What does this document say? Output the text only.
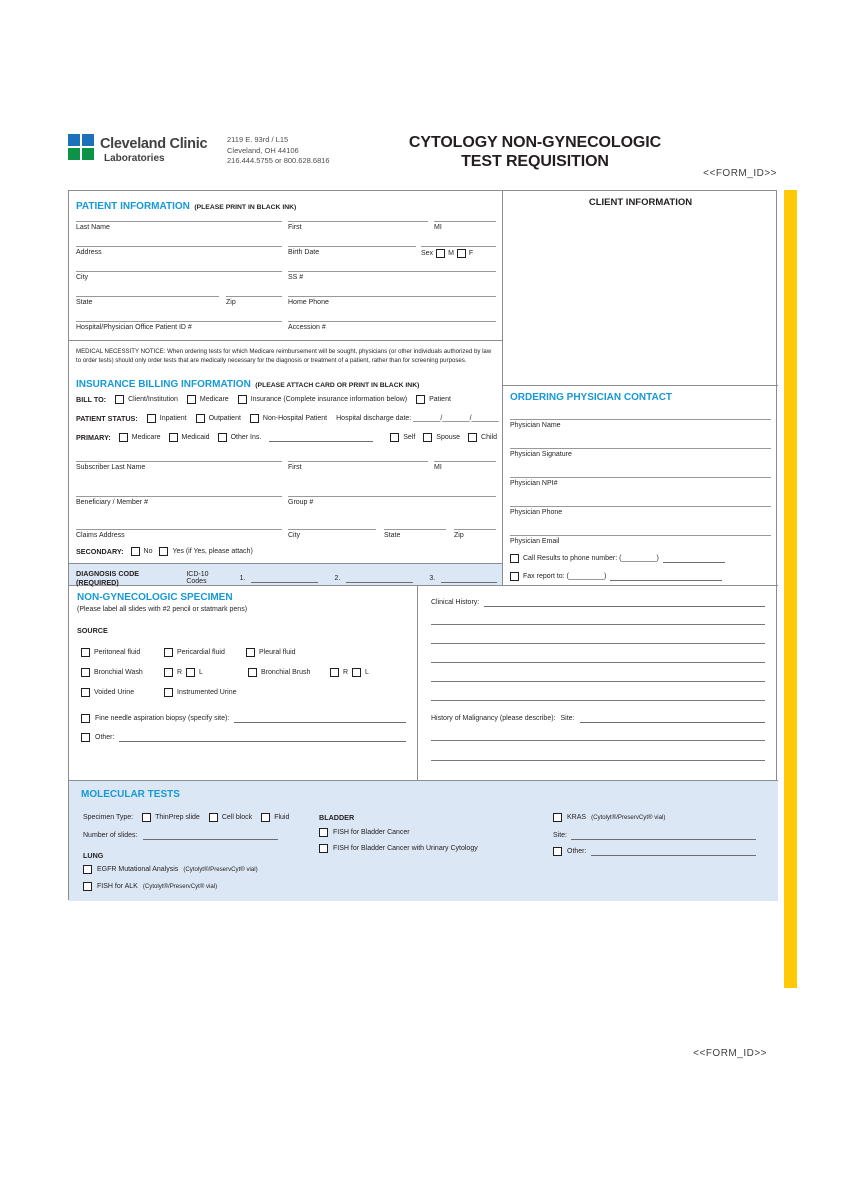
Cleveland Clinic
Laboratories
2119 E. 93rd / L15
Cleveland, OH 44106
216.444.5755 or 800.628.6816
CYTOLOGY NON-GYNECOLOGIC
TEST REQUISITION
<<FORM_ID>>
PATIENT INFORMATION (PLEASE PRINT IN BLACK INK)
Last Name	First	MI
Address	Birth Date	Sex M F
City	SS #
State	Zip	Home Phone
Hospital/Physician Office Patient ID #	Accession #
CLIENT INFORMATION
MEDICAL NECESSITY NOTICE: When ordering tests for which Medicare reimbursement will be sought, physicians (or other individuals authorized by law to order tests) should only order tests that are medically necessary for the diagnosis or treatment of a patient, rather than for screening purposes.
INSURANCE BILLING INFORMATION (PLEASE ATTACH CARD OR PRINT IN BLACK INK)
BILL TO:	Client/Institution	Medicare	Insurance (Complete insurance information below)	Patient
PATIENT STATUS:	Inpatient	Outpatient	Non-Hospital Patient Hospital discharge date: _______/_______/_______
PRIMARY:	Medicare	Medicaid	Other Ins.	Self	Spouse	Child
Subscriber Last Name	First	MI
Beneficiary / Member #	Group #
Claims Address	City	State	Zip
SECONDARY:	No	Yes (if Yes, please attach)
DIAGNOSIS CODE (REQUIRED)
ICD-10 Codes	1.	2.	3.
ORDERING PHYSICIAN CONTACT
Physician Name
Physician Signature
Physician NPI#
Physician Phone
Physician Email
Call Results to phone number: (_________)
Fax report to: (_________)
NON-GYNECOLOGIC SPECIMEN
(Please label all slides with #2 pencil or statmark pens)
SOURCE
Peritoneal fluid	Pericardial fluid	Pleural fluid
Bronchial Wash	R L	Bronchial Brush	R L
Voided Urine	Instrumented Urine
Fine needle aspiration biopsy (specify site):
Other:
Clinical History:
History of Malignancy (please describe): Site:
MOLECULAR TESTS
Specimen Type:	ThinPrep slide	Cell block	Fluid
Number of slides:
LUNG
EGFR Mutational Analysis (Cytolyt®/PreservCyt® vial)
FISH for ALK (Cytolyt®/PreservCyt® vial)
BLADDER
FISH for Bladder Cancer
FISH for Bladder Cancer with Urinary Cytology
KRAS (Cytolyt®/PreservCyt® vial)
Site:
Other:
<<FORM_ID>>
